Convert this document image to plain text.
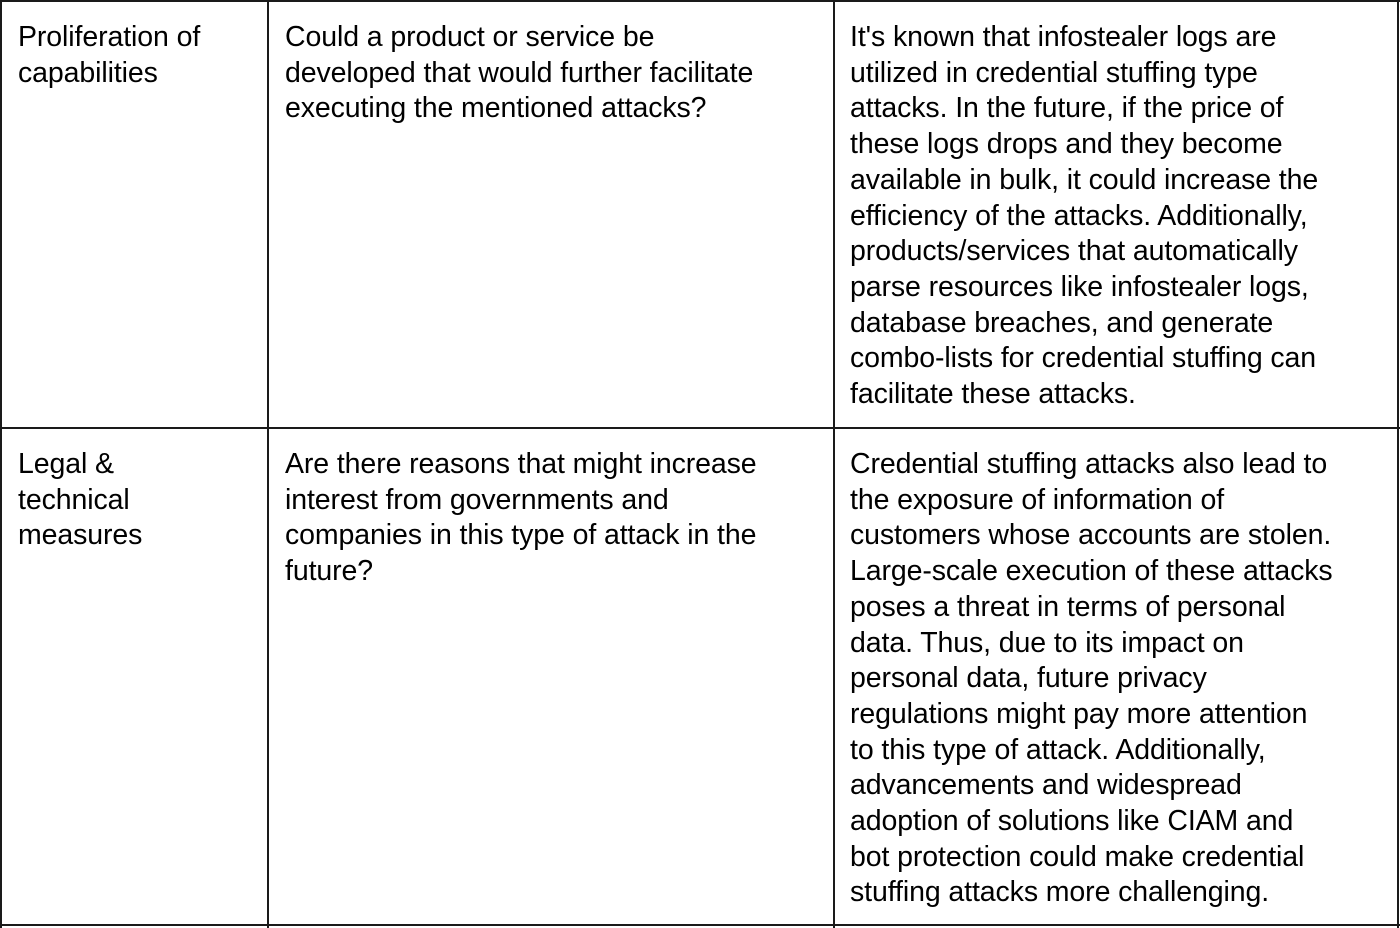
Proliferation of
capabilities
Could a product or service be
developed that would further facilitate
executing the mentioned attacks?
It's known that infostealer logs are
utilized in credential stuffing type
attacks. In the future, if the price of
these logs drops and they become
available in bulk, it could increase the
efficiency of the attacks. Additionally,
products/services that automatically
parse resources like infostealer logs,
database breaches, and generate
combo-lists for credential stuffing can
facilitate these attacks.
Legal &
technical
measures
Are there reasons that might increase
interest from governments and
companies in this type of attack in the
future?
Credential stuffing attacks also lead to
the exposure of information of
customers whose accounts are stolen.
Large-scale execution of these attacks
poses a threat in terms of personal
data. Thus, due to its impact on
personal data, future privacy
regulations might pay more attention
to this type of attack. Additionally,
advancements and widespread
adoption of solutions like CIAM and
bot protection could make credential
stuffing attacks more challenging.
